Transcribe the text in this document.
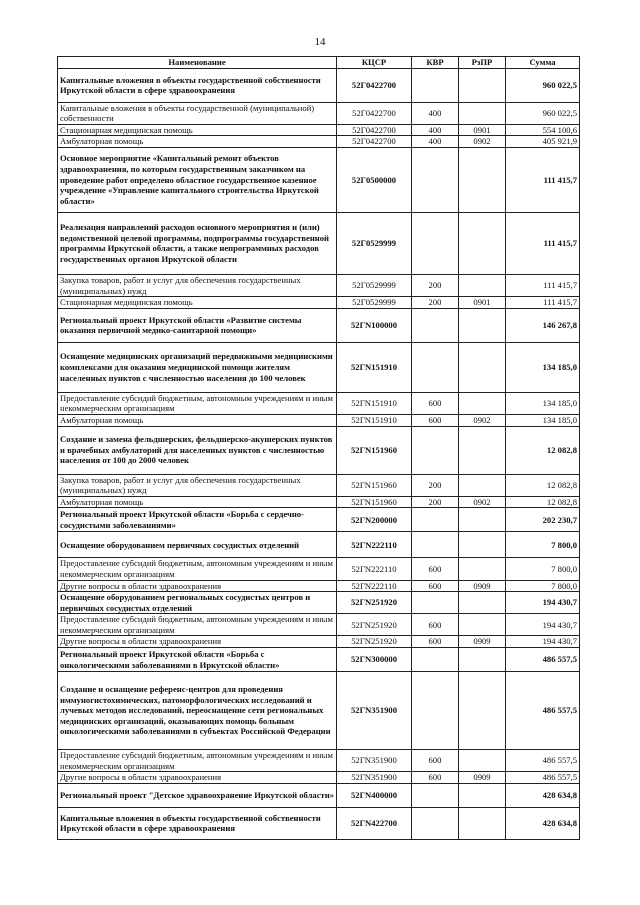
14
Наименование	КЦСР	КВР	РзПР	Сумма
Капитальные вложения в объекты государственной собственности Иркутской области в сфере здравоохранения	52Г0422700			960 022,5
Капитальные вложения в объекты государственной (муниципальной) собственности	52Г0422700	400		960 022,5
Стационарная медицинская помощь	52Г0422700	400	0901	554 100,6
Амбулаторная помощь	52Г0422700	400	0902	405 921,9
Основное мероприятие «Капитальный ремонт объектов здравоохранения, по которым государственным заказчиком на проведение работ определено областное государственное казенное учреждение «Управление капитального строительства Иркутской области»	52Г0500000			111 415,7
Реализация направлений расходов основного мероприятия и (или) ведомственной целевой программы, подпрограммы государственной программы Иркутской области, а также непрограммных расходов государственных органов Иркутской области	52Г0529999			111 415,7
Закупка товаров, работ и услуг для обеспечения государственных (муниципальных) нужд	52Г0529999	200		111 415,7
Стационарная медицинская помощь	52Г0529999	200	0901	111 415,7
Региональный проект Иркутской области «Развитие системы оказания первичной медико-санитарной помощи»	52ГN100000			146 267,8
Оснащение медицинских организаций передвижными медицинскими комплексами для оказания медицинской помощи жителям населенных пунктов с численностью населения до 100 человек	52ГN151910			134 185,0
Предоставление субсидий бюджетным, автономным учреждениям и иным некоммерческим организациям	52ГN151910	600		134 185,0
Амбулаторная помощь	52ГN151910	600	0902	134 185,0
Создание и замена фельдшерских, фельдшерско-акушерских пунктов и врачебных амбулаторий для населенных пунктов с численностью населения от 100 до 2000 человек	52ГN151960			12 082,8
Закупка товаров, работ и услуг для обеспечения государственных (муниципальных) нужд	52ГN151960	200		12 082,8
Амбулаторная помощь	52ГN151960	200	0902	12 082,8
Региональный проект Иркутской области «Борьба с сердечно-сосудистыми заболеваниями»	52ГN200000			202 230,7
Оснащение оборудованием первичных сосудистых отделений	52ГN222110			7 800,0
Предоставление субсидий бюджетным, автономным учреждениям и иным некоммерческим организациям	52ГN222110	600		7 800,0
Другие вопросы в области здравоохранения	52ГN222110	600	0909	7 800,0
Оснащение оборудованием региональных сосудистых центров и первичных сосудистых отделений	52ГN251920			194 430,7
Предоставление субсидий бюджетным, автономным учреждениям и иным некоммерческим организациям	52ГN251920	600		194 430,7
Другие вопросы в области здравоохранения	52ГN251920	600	0909	194 430,7
Региональный проект Иркутской области «Борьба с онкологическими заболеваниями в Иркутской области»	52ГN300000			486 557,5
Создание и оснащение референс-центров для проведения иммуногистохимических, патоморфологических исследований и лучевых методов исследований, переоснащение сети региональных медицинских организаций, оказывающих помощь больным онкологическими заболеваниями в субъектах Российской Федерации	52ГN351900			486 557,5
Предоставление субсидий бюджетным, автономным учреждениям и иным некоммерческим организациям	52ГN351900	600		486 557,5
Другие вопросы в области здравоохранения	52ГN351900	600	0909	486 557,5
Региональный проект "Детское здравоохранение Иркутской области»	52ГN400000			428 634,8
Капитальные вложения в объекты государственной собственности Иркутской области в сфере здравоохранения	52ГN422700			428 634,8
